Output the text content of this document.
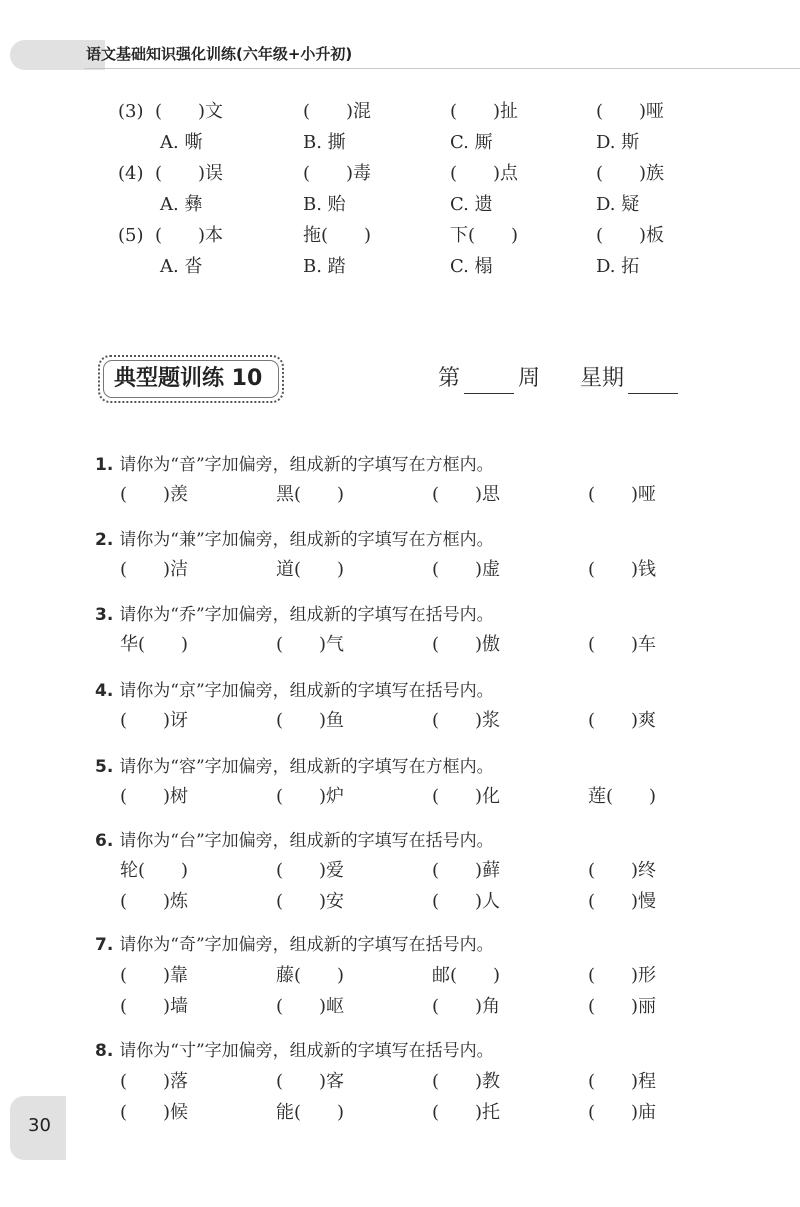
语文基础知识强化训练(六年级+小升初)
(3) (　　)文	(　　)混	(　　)扯	(　　)哑
A. 嘶	B. 撕	C. 厮	D. 斯
(4) (　　)误	(　　)毒	(　　)点	(　　)族
A. 彝	B. 贻	C. 遗	D. 疑
(5) (　　)本	拖(　　)	下(　　)	(　　)板
A. 沓	B. 踏	C. 榻	D. 拓
典型题训练 10	第	周 星期
1. 请你为“音”字加偏旁，组成新的字填写在方框内。
(　　)羡	黑(　　)	(　　)思	(　　)哑
2. 请你为“兼”字加偏旁，组成新的字填写在方框内。
(　　)洁	道(　　)	(　　)虚	(　　)钱
3. 请你为“乔”字加偏旁，组成新的字填写在括号内。
华(　　)	(　　)气	(　　)傲	(　　)车
4. 请你为“京”字加偏旁，组成新的字填写在括号内。
(　　)讶	(　　)鱼	(　　)浆	(　　)爽
5. 请你为“容”字加偏旁，组成新的字填写在方框内。
(　　)树	(　　)炉	(　　)化	莲(　　)
6. 请你为“台”字加偏旁，组成新的字填写在括号内。
轮(　　)	(　　)爱	(　　)藓	(　　)终
(　　)炼	(　　)安	(　　)人	(　　)慢
7. 请你为“奇”字加偏旁，组成新的字填写在括号内。
(　　)靠	藤(　　)	邮(　　)	(　　)形
(　　)墙	(　　)岖	(　　)角	(　　)丽
8. 请你为“寸”字加偏旁，组成新的字填写在括号内。
(　　)落	(　　)客	(　　)教	(　　)程
(　　)候	能(　　)	(　　)托	(　　)庙
30
